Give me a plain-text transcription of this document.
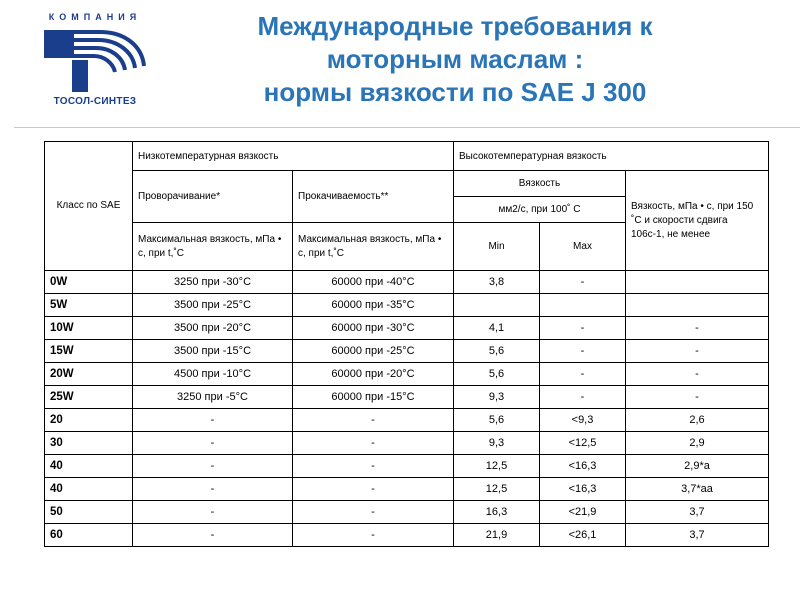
КОМПАНИЯ
ТОСОЛ-СИНТЕЗ
Международные требования к
моторным маслам :
нормы вязкости по SAE J 300
Класс по SAE	Низкотемпературная вязкость		Высокотемпературная вязкость		
	Проворачивание*	Прокачиваемость**	Вязкость		Вязкость, мПа • с, при 150 ˚С и скорости сдвига 106с-1, не менее
			мм2/с, при 100˚ С		
	Максимальная вязкость, мПа • с, при t,˚С	Максимальная вязкость, мПа • с, при t,˚С	Min	Max	
0W	3250 при -30°С	60000 при -40°С	3,8	-	
5W	3500 при -25°С	60000 при -35°С			
10W	3500 при -20°С	60000 при -30°С	4,1	-	-
15W	3500 при -15°С	60000 при -25°С	5,6	-	-
20W	4500 при -10°С	60000 при -20°С	5,6	-	-
25W	3250 при -5°С	60000 при -15°С	9,3	-	-
20	-	-	5,6	<9,3	2,6
30	-	-	9,3	<12,5	2,9
40	-	-	12,5	<16,3	2,9*а
40	-	-	12,5	<16,3	3,7*аа
50	-	-	16,3	<21,9	3,7
60	-	-	21,9	<26,1	3,7
